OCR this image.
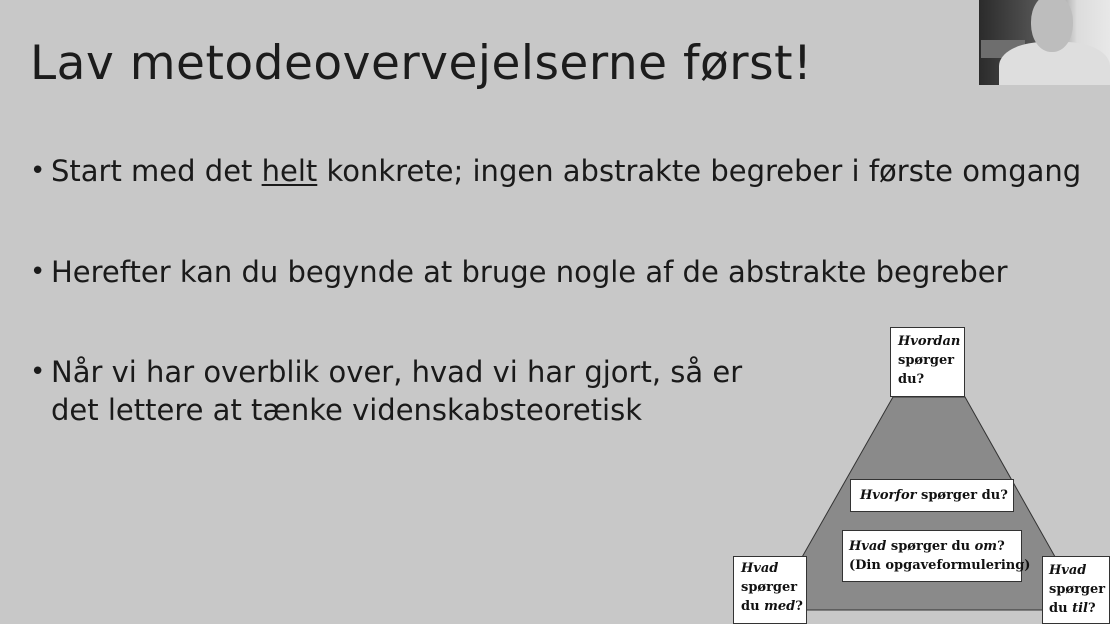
Lav metodeovervejelserne først!
• Start med det helt konkrete; ingen abstrakte begreber i første omgang
• Herefter kan du begynde at bruge nogle af de abstrakte begreber
• Når vi har overblik over, hvad vi har gjort, så er det lettere at tænke videnskabsteoretisk
Hvordan
spørger
du?
Hvorfor spørger du?
Hvad spørger du om?
(Din opgaveformulering)
Hvad
spørger
du med?
Hvad
spørger
du til?
